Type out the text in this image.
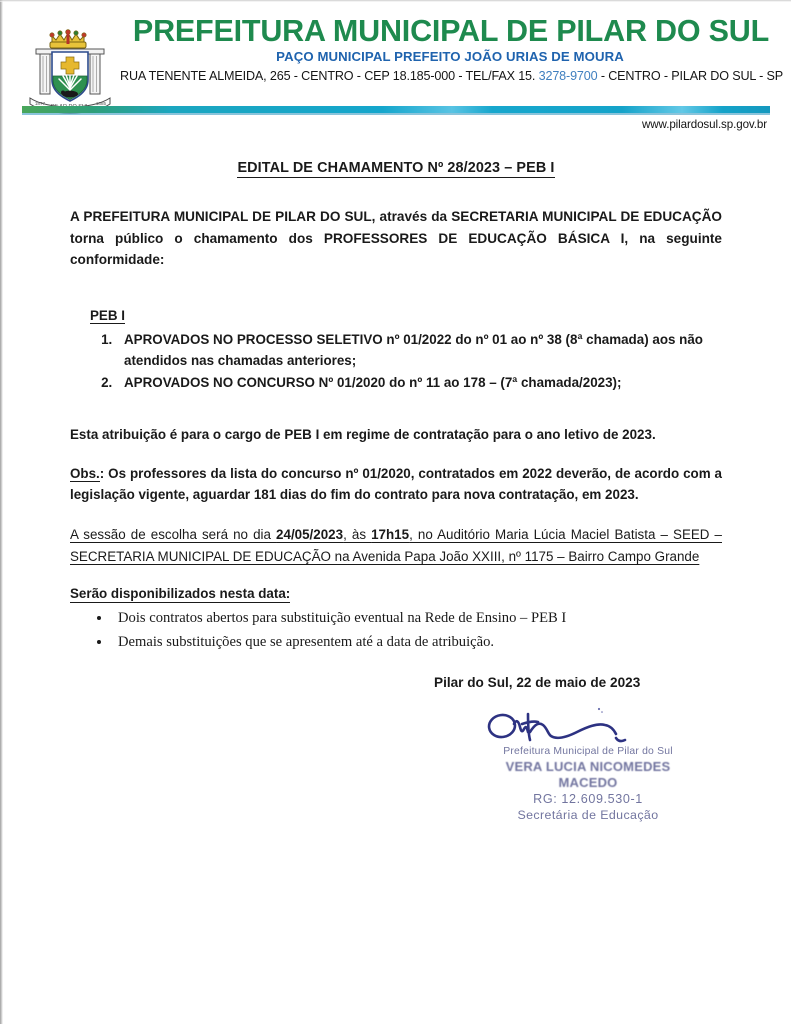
1877	1885
PREFEITURA MUNICIPAL DE PILAR DO SUL
PAÇO MUNICIPAL PREFEITO JOÃO URIAS DE MOURA
RUA TENENTE ALMEIDA, 265 - CENTRO - CEP 18.185-000 - TEL/FAX 15. 3278-9700 - CENTRO - PILAR DO SUL - SP
www.pilardosul.sp.gov.br
EDITAL DE CHAMAMENTO Nº 28/2023 – PEB I

A PREFEITURA MUNICIPAL DE PILAR DO SUL, através da SECRETARIA MUNICIPAL DE EDUCAÇÃO torna público o chamamento dos PROFESSORES DE EDUCAÇÃO BÁSICA I, na seguinte conformidade:

PEB I
1. APROVADOS NO PROCESSO SELETIVO nº 01/2022 do nº 01 ao nº 38 (8ª chamada) aos não atendidos nas chamadas anteriores;
2. APROVADOS NO CONCURSO Nº 01/2020 do nº 11 ao 178 – (7ª chamada/2023);

Esta atribuição é para o cargo de PEB I em regime de contratação para o ano letivo de 2023.

Obs.: Os professores da lista do concurso nº 01/2020, contratados em 2022 deverão, de acordo com a legislação vigente, aguardar 181 dias do fim do contrato para nova contratação, em 2023.

A sessão de escolha será no dia 24/05/2023, às 17h15, no Auditório Maria Lúcia Maciel Batista – SEED – SECRETARIA MUNICIPAL DE EDUCAÇÃO na Avenida Papa João XXIII, nº 1175 – Bairro Campo Grande

Serão disponibilizados nesta data:

• Dois contratos abertos para substituição eventual na Rede de Ensino – PEB I
• Demais substituições que se apresentem até a data de atribuição.

Pilar do Sul, 22 de maio de 2023

Prefeitura Municipal de Pilar do Sul
VERA LUCIA NICOMEDES MACEDO
RG: 12.609.530-1
Secretária de Educação
